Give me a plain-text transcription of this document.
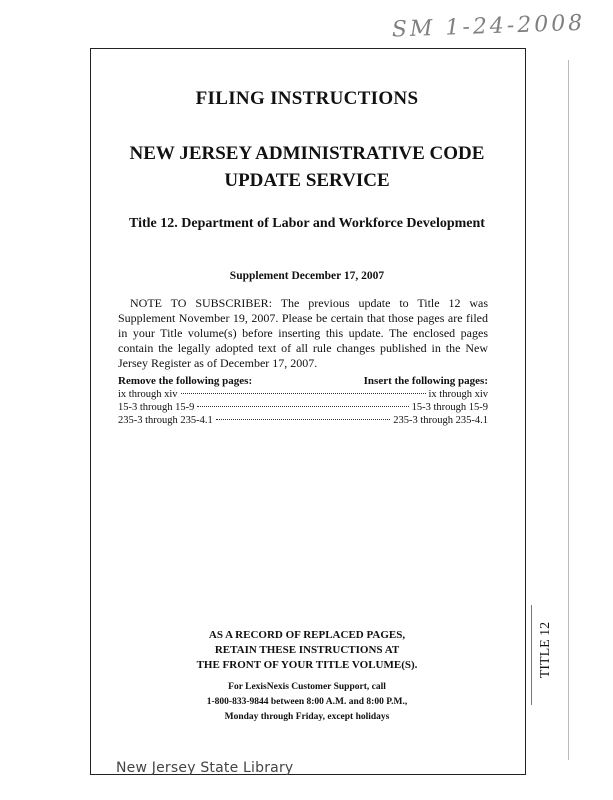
SM 1-24-2008
FILING INSTRUCTIONS
NEW JERSEY ADMINISTRATIVE CODE
UPDATE SERVICE
Title 12. Department of Labor and Workforce Development
Supplement December 17, 2007
NOTE TO SUBSCRIBER: The previous update to Title 12 was Supplement November 19, 2007. Please be certain that those pages are filed in your Title volume(s) before inserting this update. The enclosed pages contain the legally adopted text of all rule changes published in the New Jersey Register as of December 17, 2007.
Remove the following pages:	Insert the following pages:
ix through xiv	ix through xiv
15-3 through 15-9	15-3 through 15-9
235-3 through 235-4.1	235-3 through 235-4.1
AS A RECORD OF REPLACED PAGES,
RETAIN THESE INSTRUCTIONS AT
THE FRONT OF YOUR TITLE VOLUME(S).
For LexisNexis Customer Support, call
1-800-833-9844 between 8:00 A.M. and 8:00 P.M.,
Monday through Friday, except holidays
TITLE 12
New Jersey State Library
